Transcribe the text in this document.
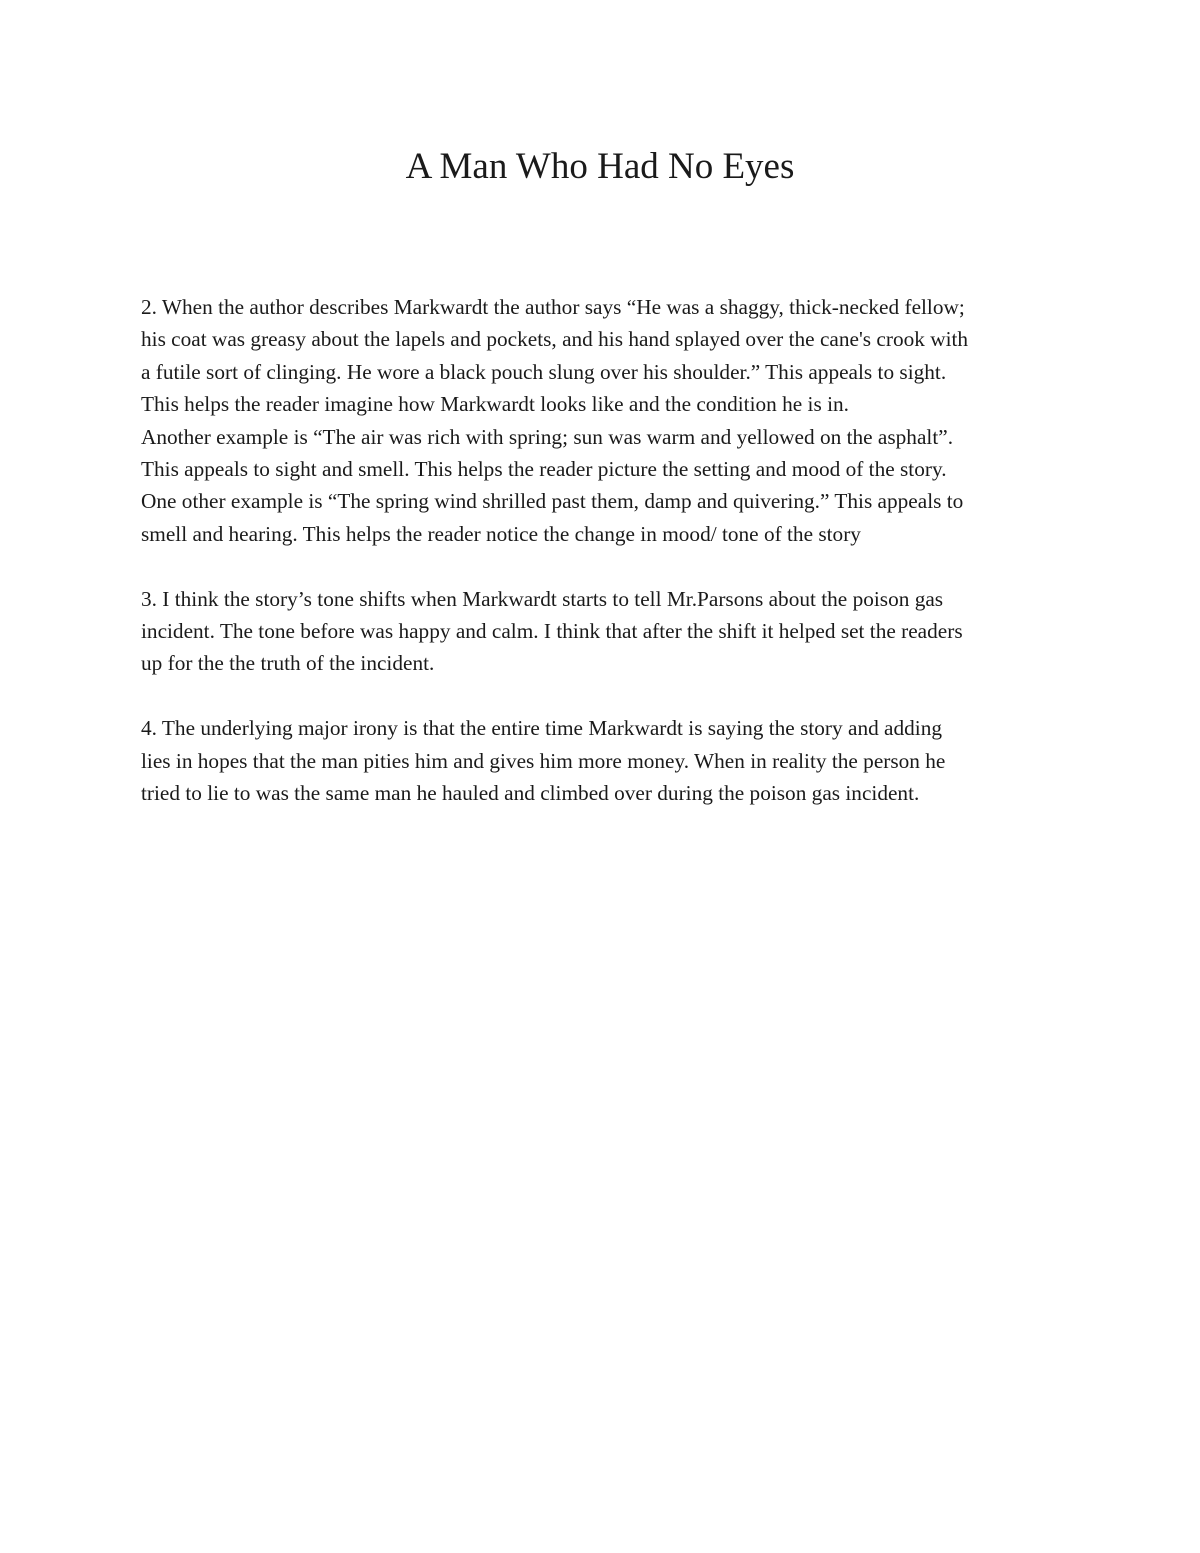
A Man Who Had No Eyes
2. When the author describes Markwardt the author says “He was a shaggy, thick-necked fellow;
his coat was greasy about the lapels and pockets, and his hand splayed over the cane's crook with
a futile sort of clinging. He wore a black pouch slung over his shoulder.” This appeals to sight.
This helps the reader imagine how Markwardt looks like and the condition he is in.
Another example is “The air was rich with spring; sun was warm and yellowed on the asphalt”.
This appeals to sight and smell. This helps the reader picture the setting and mood of the story.
One other example is “The spring wind shrilled past them, damp and quivering.” This appeals to
smell and hearing. This helps the reader notice the change in mood/ tone of the story
3. I think the story’s tone shifts when Markwardt starts to tell Mr.Parsons about the poison gas
incident. The tone before was happy and calm. I think that after the shift it helped set the readers
up for the the truth of the incident.
4. The underlying major irony is that the entire time Markwardt is saying the story and adding
lies in hopes that the man pities him and gives him more money. When in reality the person he
tried to lie to was the same man he hauled and climbed over during the poison gas incident.
